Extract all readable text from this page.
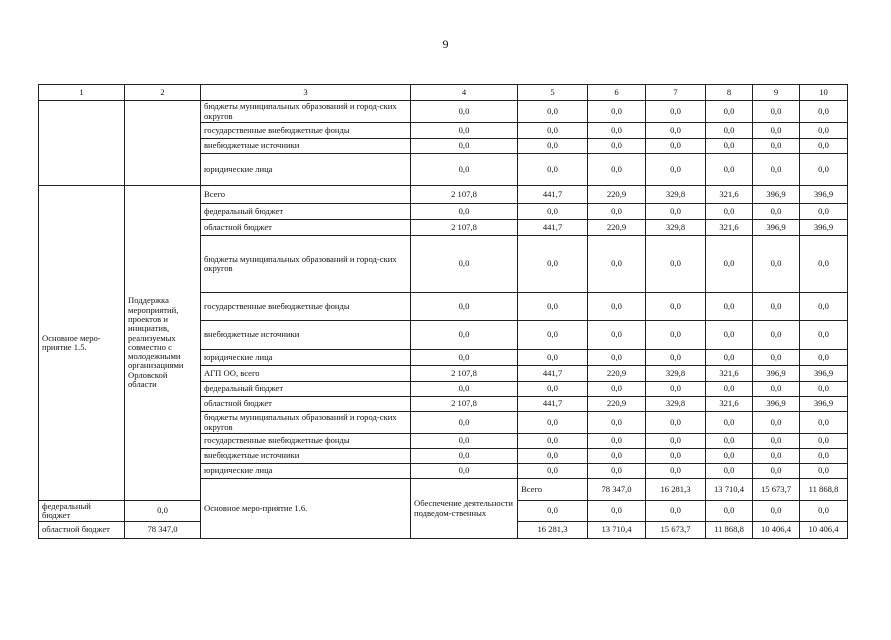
9
1	2	3	4	5	6	7	8	9	10	
		бюджеты муниципальных образований и город-ских округов	0,0	0,0	0,0	0,0	0,0	0,0	0,0	
		государственные внебюджетные фонды	0,0	0,0	0,0	0,0	0,0	0,0	0,0	
		внебюджетные источники	0,0	0,0	0,0	0,0	0,0	0,0	0,0	
		юридические лица	0,0	0,0	0,0	0,0	0,0	0,0	0,0	
Основное меро-приятие 1.5.	Поддержка мероприятий, проектов и инициатив, реализуемых совместно с молодежными организациями Орловской области	Всего	2 107,8	441,7	220,9	329,8	321,6	396,9	396,9	
		федеральный бюджет	0,0	0,0	0,0	0,0	0,0	0,0	0,0	
		областной бюджет	2 107,8	441,7	220,9	329,8	321,6	396,9	396,9	
		бюджеты муниципальных образований и город-ских округов	0,0	0,0	0,0	0,0	0,0	0,0	0,0	
		государственные внебюджетные фонды	0,0	0,0	0,0	0,0	0,0	0,0	0,0	
		внебюджетные источники	0,0	0,0	0,0	0,0	0,0	0,0	0,0	
		юридические лица	0,0	0,0	0,0	0,0	0,0	0,0	0,0	
		АГП ОО, всего	2 107,8	441,7	220,9	329,8	321,6	396,9	396,9	
		федеральный бюджет	0,0	0,0	0,0	0,0	0,0	0,0	0,0	
		областной бюджет	2 107,8	441,7	220,9	329,8	321,6	396,9	396,9	
		бюджеты муниципальных образований и город-ских округов	0,0	0,0	0,0	0,0	0,0	0,0	0,0	
		государственные внебюджетные фонды	0,0	0,0	0,0	0,0	0,0	0,0	0,0	
		внебюджетные источники	0,0	0,0	0,0	0,0	0,0	0,0	0,0	
		юридические лица	0,0	0,0	0,0	0,0	0,0	0,0	0,0	
		Основное меро-приятие 1.6.	Обеспечение деятельности подведом-ственных	Всего	78 347,0	16 281,3	13 710,4	15 673,7	11 868,8		
федеральный бюджет	0,0			0,0	0,0	0,0	0,0	0,0	0,0	
областной бюджет	78 347,0			16 281,3	13 710,4	15 673,7	11 868,8	10 406,4	10 406,4	
